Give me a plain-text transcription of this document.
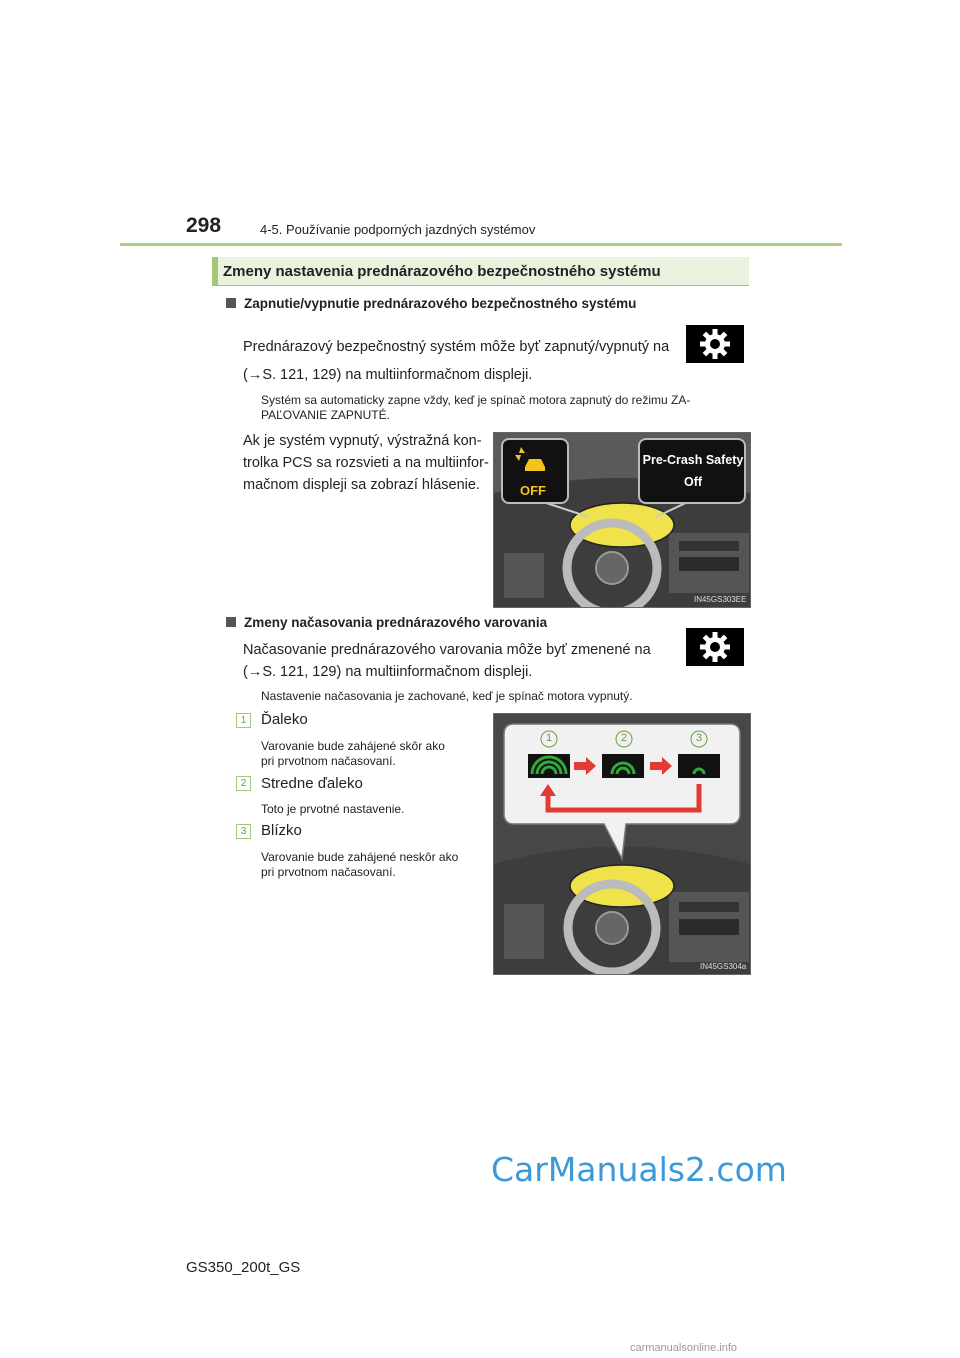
298	4-5. Používanie podporných jazdných systémov
Zmeny nastavenia prednárazového bezpečnostného systému
Zapnutie/vypnutie prednárazového bezpečnostného systému
Prednárazový bezpečnostný systém môže byť zapnutý/vypnutý na
(→S. 121, 129) na multiinformačnom displeji.
Systém sa automaticky zapne vždy, keď je spínač motora zapnutý do režimu ZA-
PAĽOVANIE ZAPNUTÉ.
Ak je systém vypnutý, výstražná kon-
trolka PCS sa rozsvieti a na multiinfor-
mačnom displeji sa zobrazí hlásenie.	OFF
Pre-Crash Safety
Off
IN45GS303EE
Zmeny načasovania prednárazového varovania
Načasovanie prednárazového varovania môže byť zmenené na
(→S. 121, 129) na multiinformačnom displeji.
Nastavenie načasovania je zachované, keď je spínač motora vypnutý.
1 Ďaleko
Varovanie bude zahájené skôr ako
pri prvotnom načasovaní.
2 Stredne ďaleko
Toto je prvotné nastavenie.
3 Blízko
Varovanie bude zahájené neskôr ako
pri prvotnom načasovaní.
1	2	3
IN45GS304a
CarManuals2.com
GS350_200t_GS
carmanualsonline.info
